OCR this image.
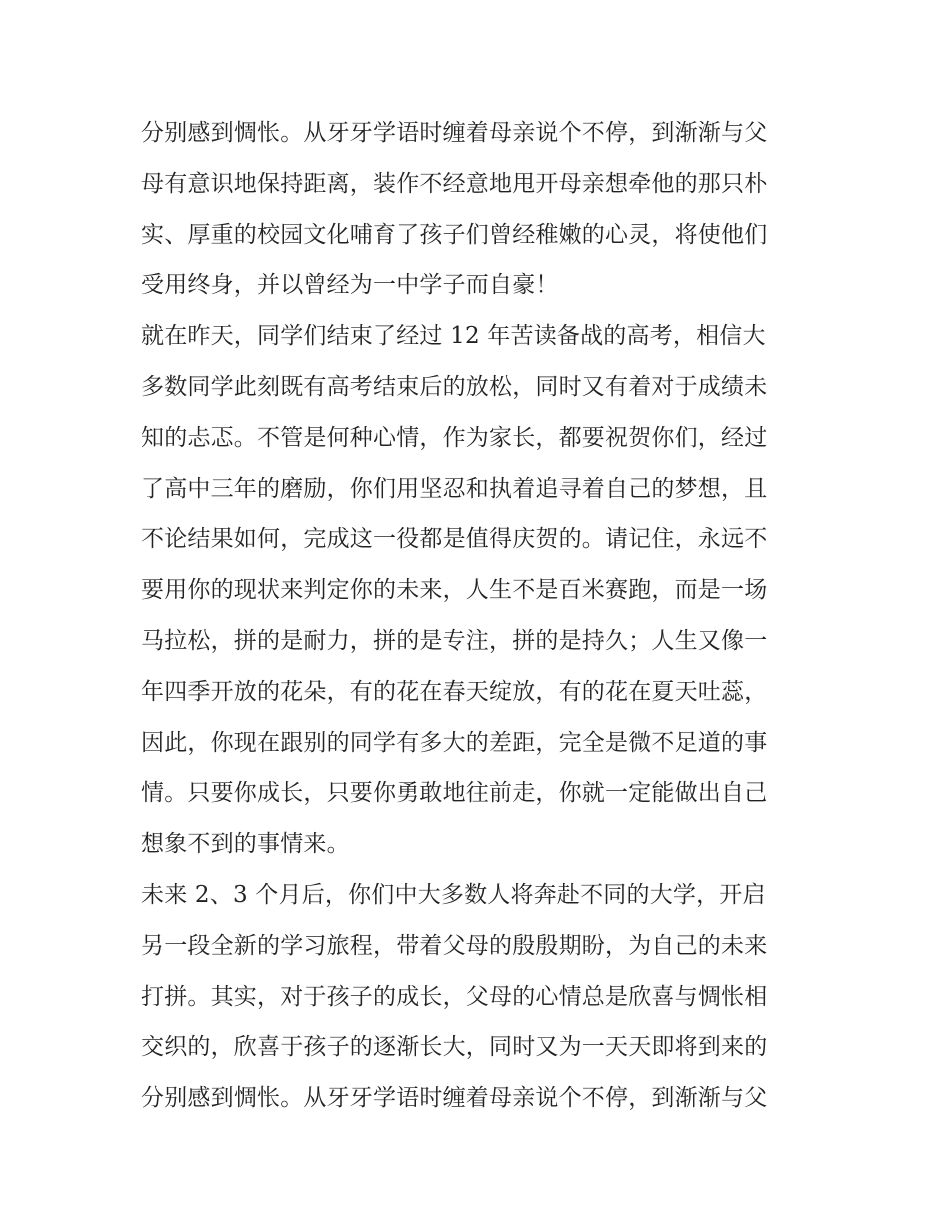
分别感到惆怅。从牙牙学语时缠着母亲说个不停，到渐渐与父
母有意识地保持距离，装作不经意地甩开母亲想牵他的那只朴
实、厚重的校园文化哺育了孩子们曾经稚嫩的心灵，将使他们
受用终身，并以曾经为一中学子而自豪！
就在昨天，同学们结束了经过 12 年苦读备战的高考，相信大
多数同学此刻既有高考结束后的放松，同时又有着对于成绩未
知的忐忑。不管是何种心情，作为家长，都要祝贺你们，经过
了高中三年的磨励，你们用坚忍和执着追寻着自己的梦想，且
不论结果如何，完成这一役都是值得庆贺的。请记住，永远不
要用你的现状来判定你的未来，人生不是百米赛跑，而是一场
马拉松，拼的是耐力，拼的是专注，拼的是持久；人生又像一
年四季开放的花朵，有的花在春天绽放，有的花在夏天吐蕊，
因此，你现在跟别的同学有多大的差距，完全是微不足道的事
情。只要你成长，只要你勇敢地往前走，你就一定能做出自己
想象不到的事情来。
未来 2、3 个月后，你们中大多数人将奔赴不同的大学，开启
另一段全新的学习旅程，带着父母的殷殷期盼，为自己的未来
打拼。其实，对于孩子的成长，父母的心情总是欣喜与惆怅相
交织的，欣喜于孩子的逐渐长大，同时又为一天天即将到来的
分别感到惆怅。从牙牙学语时缠着母亲说个不停，到渐渐与父
